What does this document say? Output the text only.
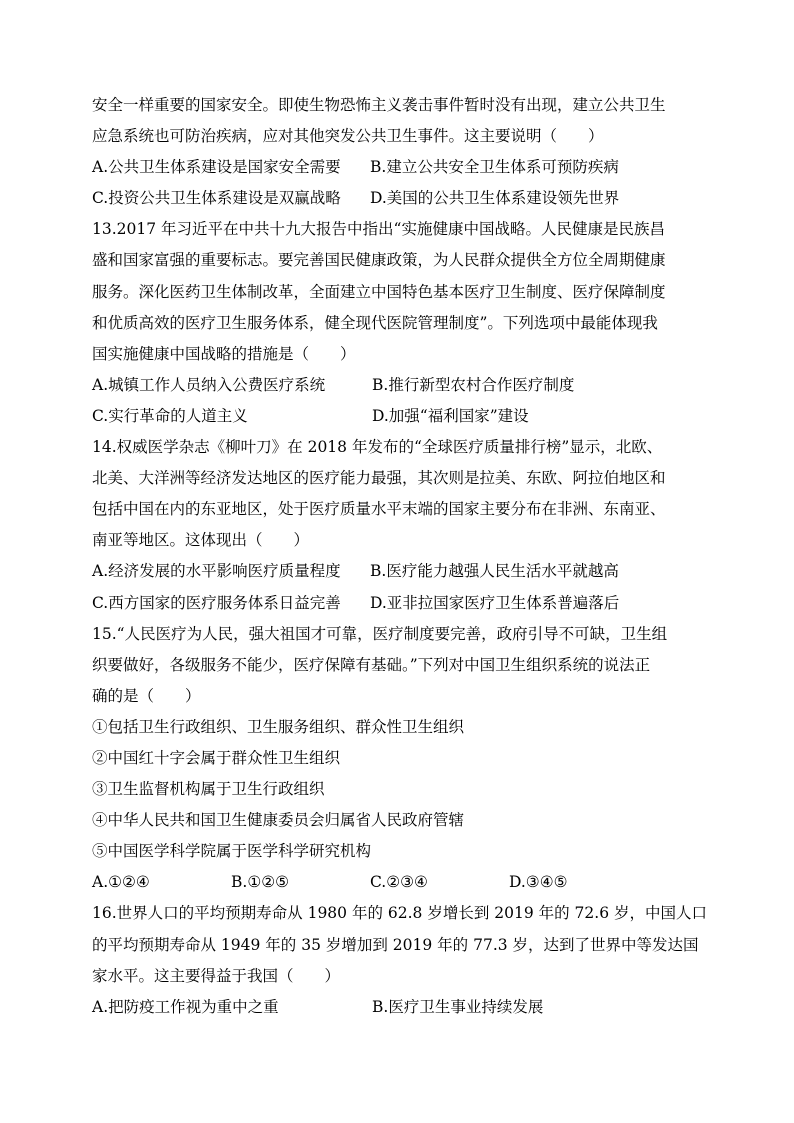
安全一样重要的国家安全。即使生物恐怖主义袭击事件暂时没有出现，建立公共卫生
应急系统也可防治疾病，应对其他突发公共卫生事件。这主要说明（　　）
A.公共卫生体系建设是国家安全需要	B.建立公共安全卫生体系可预防疾病
C.投资公共卫生体系建设是双赢战略	D.美国的公共卫生体系建设领先世界
13.2017 年习近平在中共十九大报告中指出“实施健康中国战略。人民健康是民族昌
盛和国家富强的重要标志。要完善国民健康政策，为人民群众提供全方位全周期健康
服务。深化医药卫生体制改革，全面建立中国特色基本医疗卫生制度、医疗保障制度
和优质高效的医疗卫生服务体系，健全现代医院管理制度”。下列选项中最能体现我
国实施健康中国战略的措施是（　　）
A.城镇工作人员纳入公费医疗系统	B.推行新型农村合作医疗制度
C.实行革命的人道主义	D.加强“福利国家”建设
14.权威医学杂志《柳叶刀》在 2018 年发布的“全球医疗质量排行榜”显示，北欧、
北美、大洋洲等经济发达地区的医疗能力最强，其次则是拉美、东欧、阿拉伯地区和
包括中国在内的东亚地区，处于医疗质量水平末端的国家主要分布在非洲、东南亚、
南亚等地区。这体现出（　　）
A.经济发展的水平影响医疗质量程度	B.医疗能力越强人民生活水平就越高
C.西方国家的医疗服务体系日益完善	D.亚非拉国家医疗卫生体系普遍落后
15.“人民医疗为人民，强大祖国才可靠，医疗制度要完善，政府引导不可缺，卫生组
织要做好，各级服务不能少，医疗保障有基础。”下列对中国卫生组织系统的说法正
确的是（　　）
①包括卫生行政组织、卫生服务组织、群众性卫生组织
②中国红十字会属于群众性卫生组织
③卫生监督机构属于卫生行政组织
④中华人民共和国卫生健康委员会归属省人民政府管辖
⑤中国医学科学院属于医学科学研究机构
A.①②④	B.①②⑤	C.②③④	D.③④⑤
16.世界人口的平均预期寿命从 1980 年的 62.8 岁增长到 2019 年的 72.6 岁，中国人口
的平均预期寿命从 1949 年的 35 岁增加到 2019 年的 77.3 岁，达到了世界中等发达国
家水平。这主要得益于我国（　　）
A.把防疫工作视为重中之重	B.医疗卫生事业持续发展
